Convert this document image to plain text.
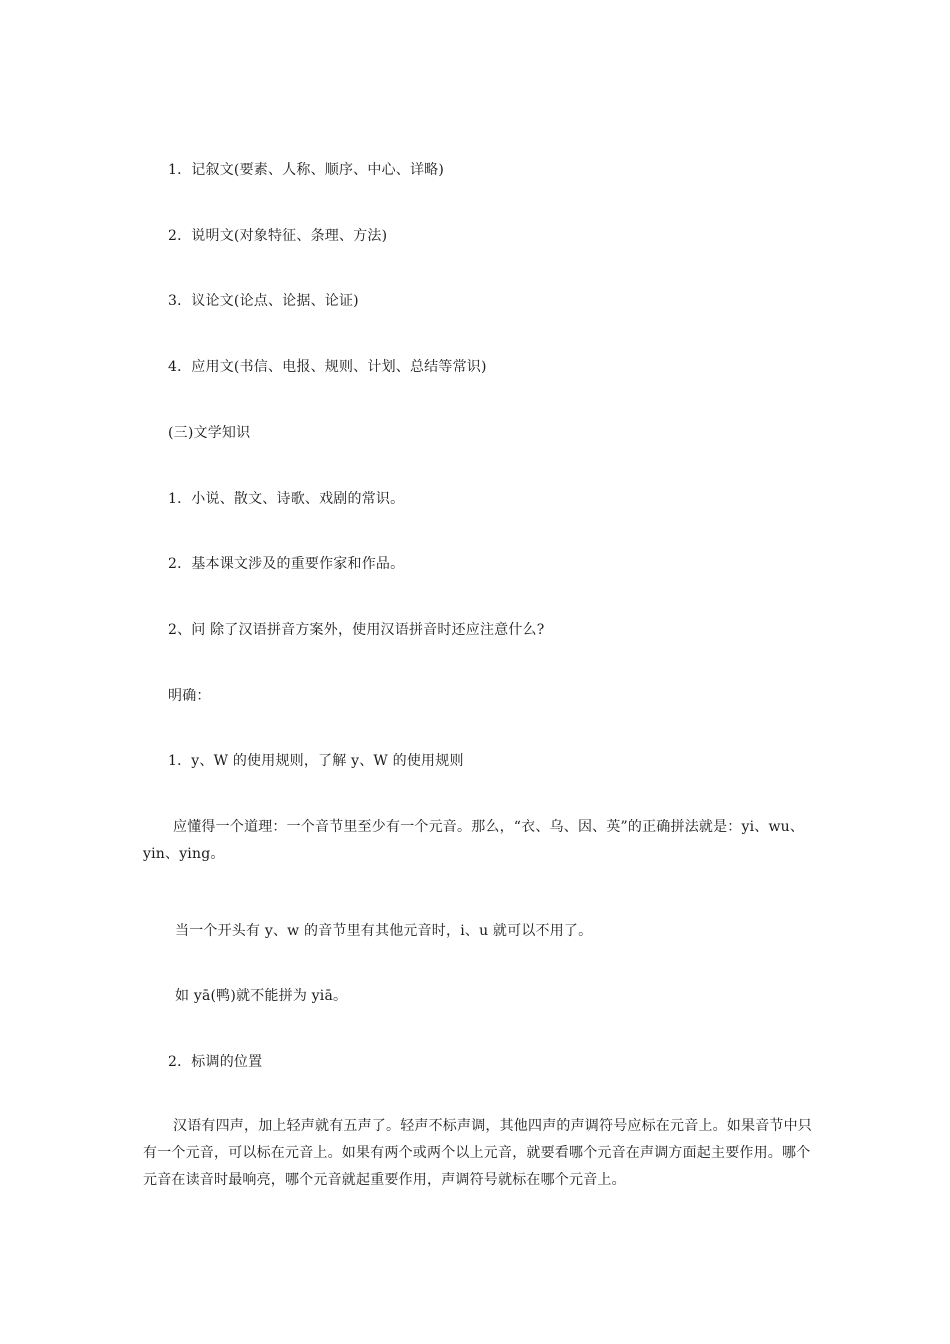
1．记叙文(要素、人称、顺序、中心、详略)
2．说明文(对象特征、条理、方法)
3．议论文(论点、论据、论证)
4．应用文(书信、电报、规则、计划、总结等常识)
(三)文学知识
1．小说、散文、诗歌、戏剧的常识。
2．基本课文涉及的重要作家和作品。
2、问 除了汉语拼音方案外，使用汉语拼音时还应注意什么?
明确：
1．y、W 的使用规则，了解 y、W 的使用规则
应懂得一个道理：一个音节里至少有一个元音。那么，“衣、乌、因、英”的正确拼法就是：yi、wu、yin、ying。
当一个开头有 y、w 的音节里有其他元音时，i、u 就可以不用了。
如 yā(鸭)就不能拼为 yiā。
2．标调的位置
汉语有四声，加上轻声就有五声了。轻声不标声调，其他四声的声调符号应标在元音上。如果音节中只有一个元音，可以标在元音上。如果有两个或两个以上元音，就要看哪个元音在声调方面起主要作用。哪个元音在读音时最响亮，哪个元音就起重要作用，声调符号就标在哪个元音上。
